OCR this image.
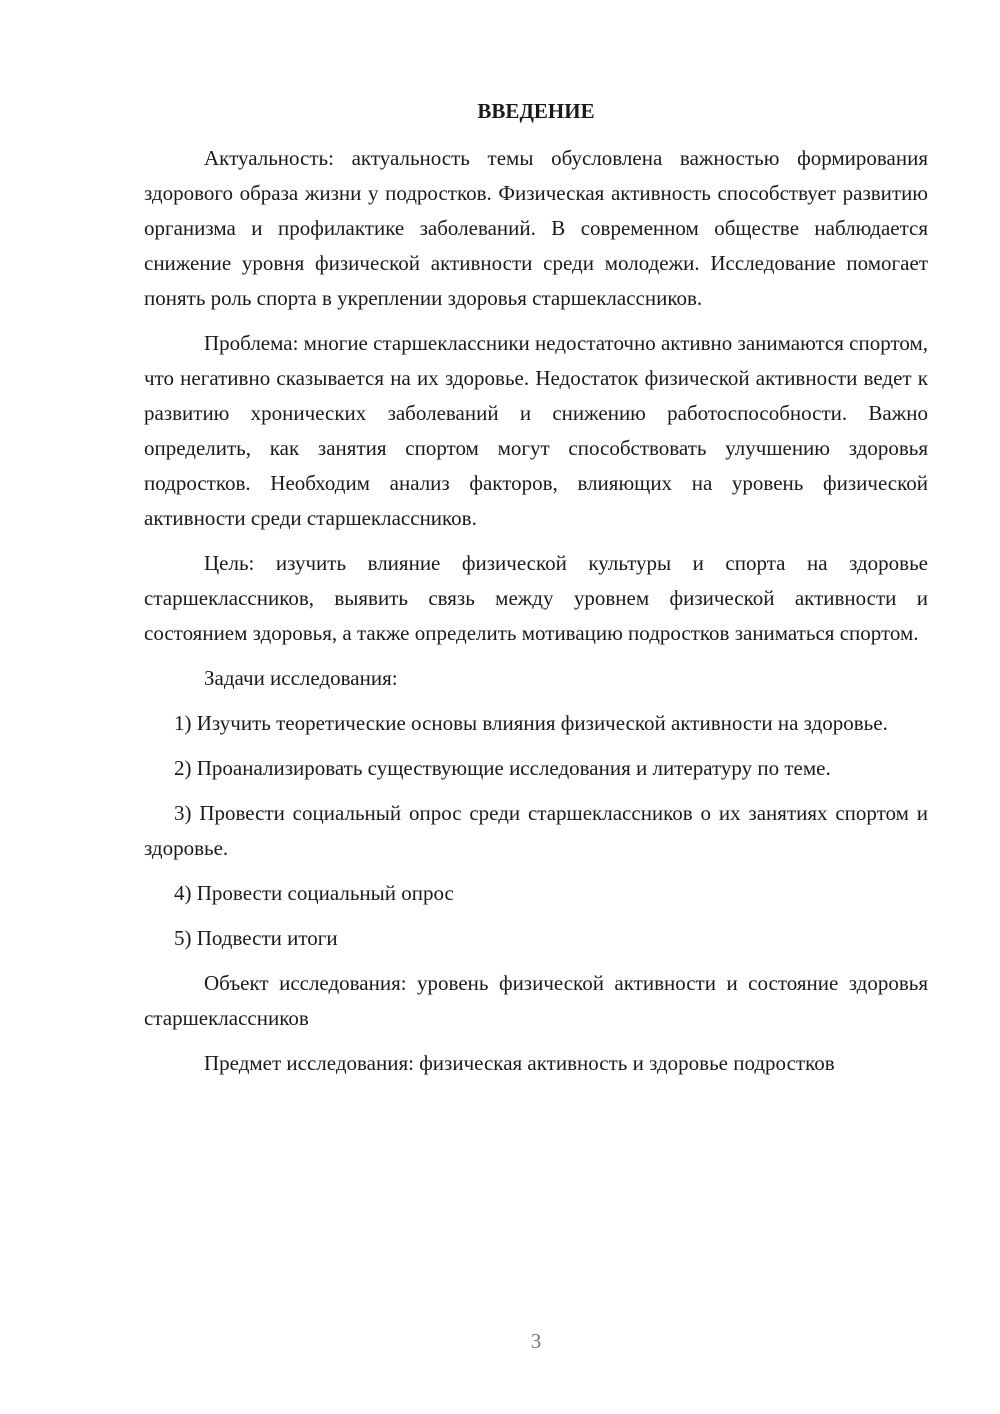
ВВЕДЕНИЕ

Актуальность: актуальность темы обусловлена важностью формирования здорового образа жизни у подростков. Физическая активность способствует развитию организма и профилактике заболеваний. В современном обществе наблюдается снижение уровня физической активности среди молодежи. Исследование помогает понять роль спорта в укреплении здоровья старшеклассников.

Проблема: многие старшеклассники недостаточно активно занимаются спортом, что негативно сказывается на их здоровье. Недостаток физической активности ведет к развитию хронических заболеваний и снижению работоспособности. Важно определить, как занятия спортом могут способствовать улучшению здоровья подростков. Необходим анализ факторов, влияющих на уровень физической активности среди старшеклассников.

Цель: изучить влияние физической культуры и спорта на здоровье старшеклассников, выявить связь между уровнем физической активности и состоянием здоровья, а также определить мотивацию подростков заниматься спортом.

Задачи исследования:

1) Изучить теоретические основы влияния физической активности на здоровье.

2) Проанализировать существующие исследования и литературу по теме.

3) Провести социальный опрос среди старшеклассников о их занятиях спортом и здоровье.

4) Провести социальный опрос

5) Подвести итоги

Объект исследования: уровень физической активности и состояние здоровья старшеклассников

Предмет исследования: физическая активность и здоровье подростков

3
